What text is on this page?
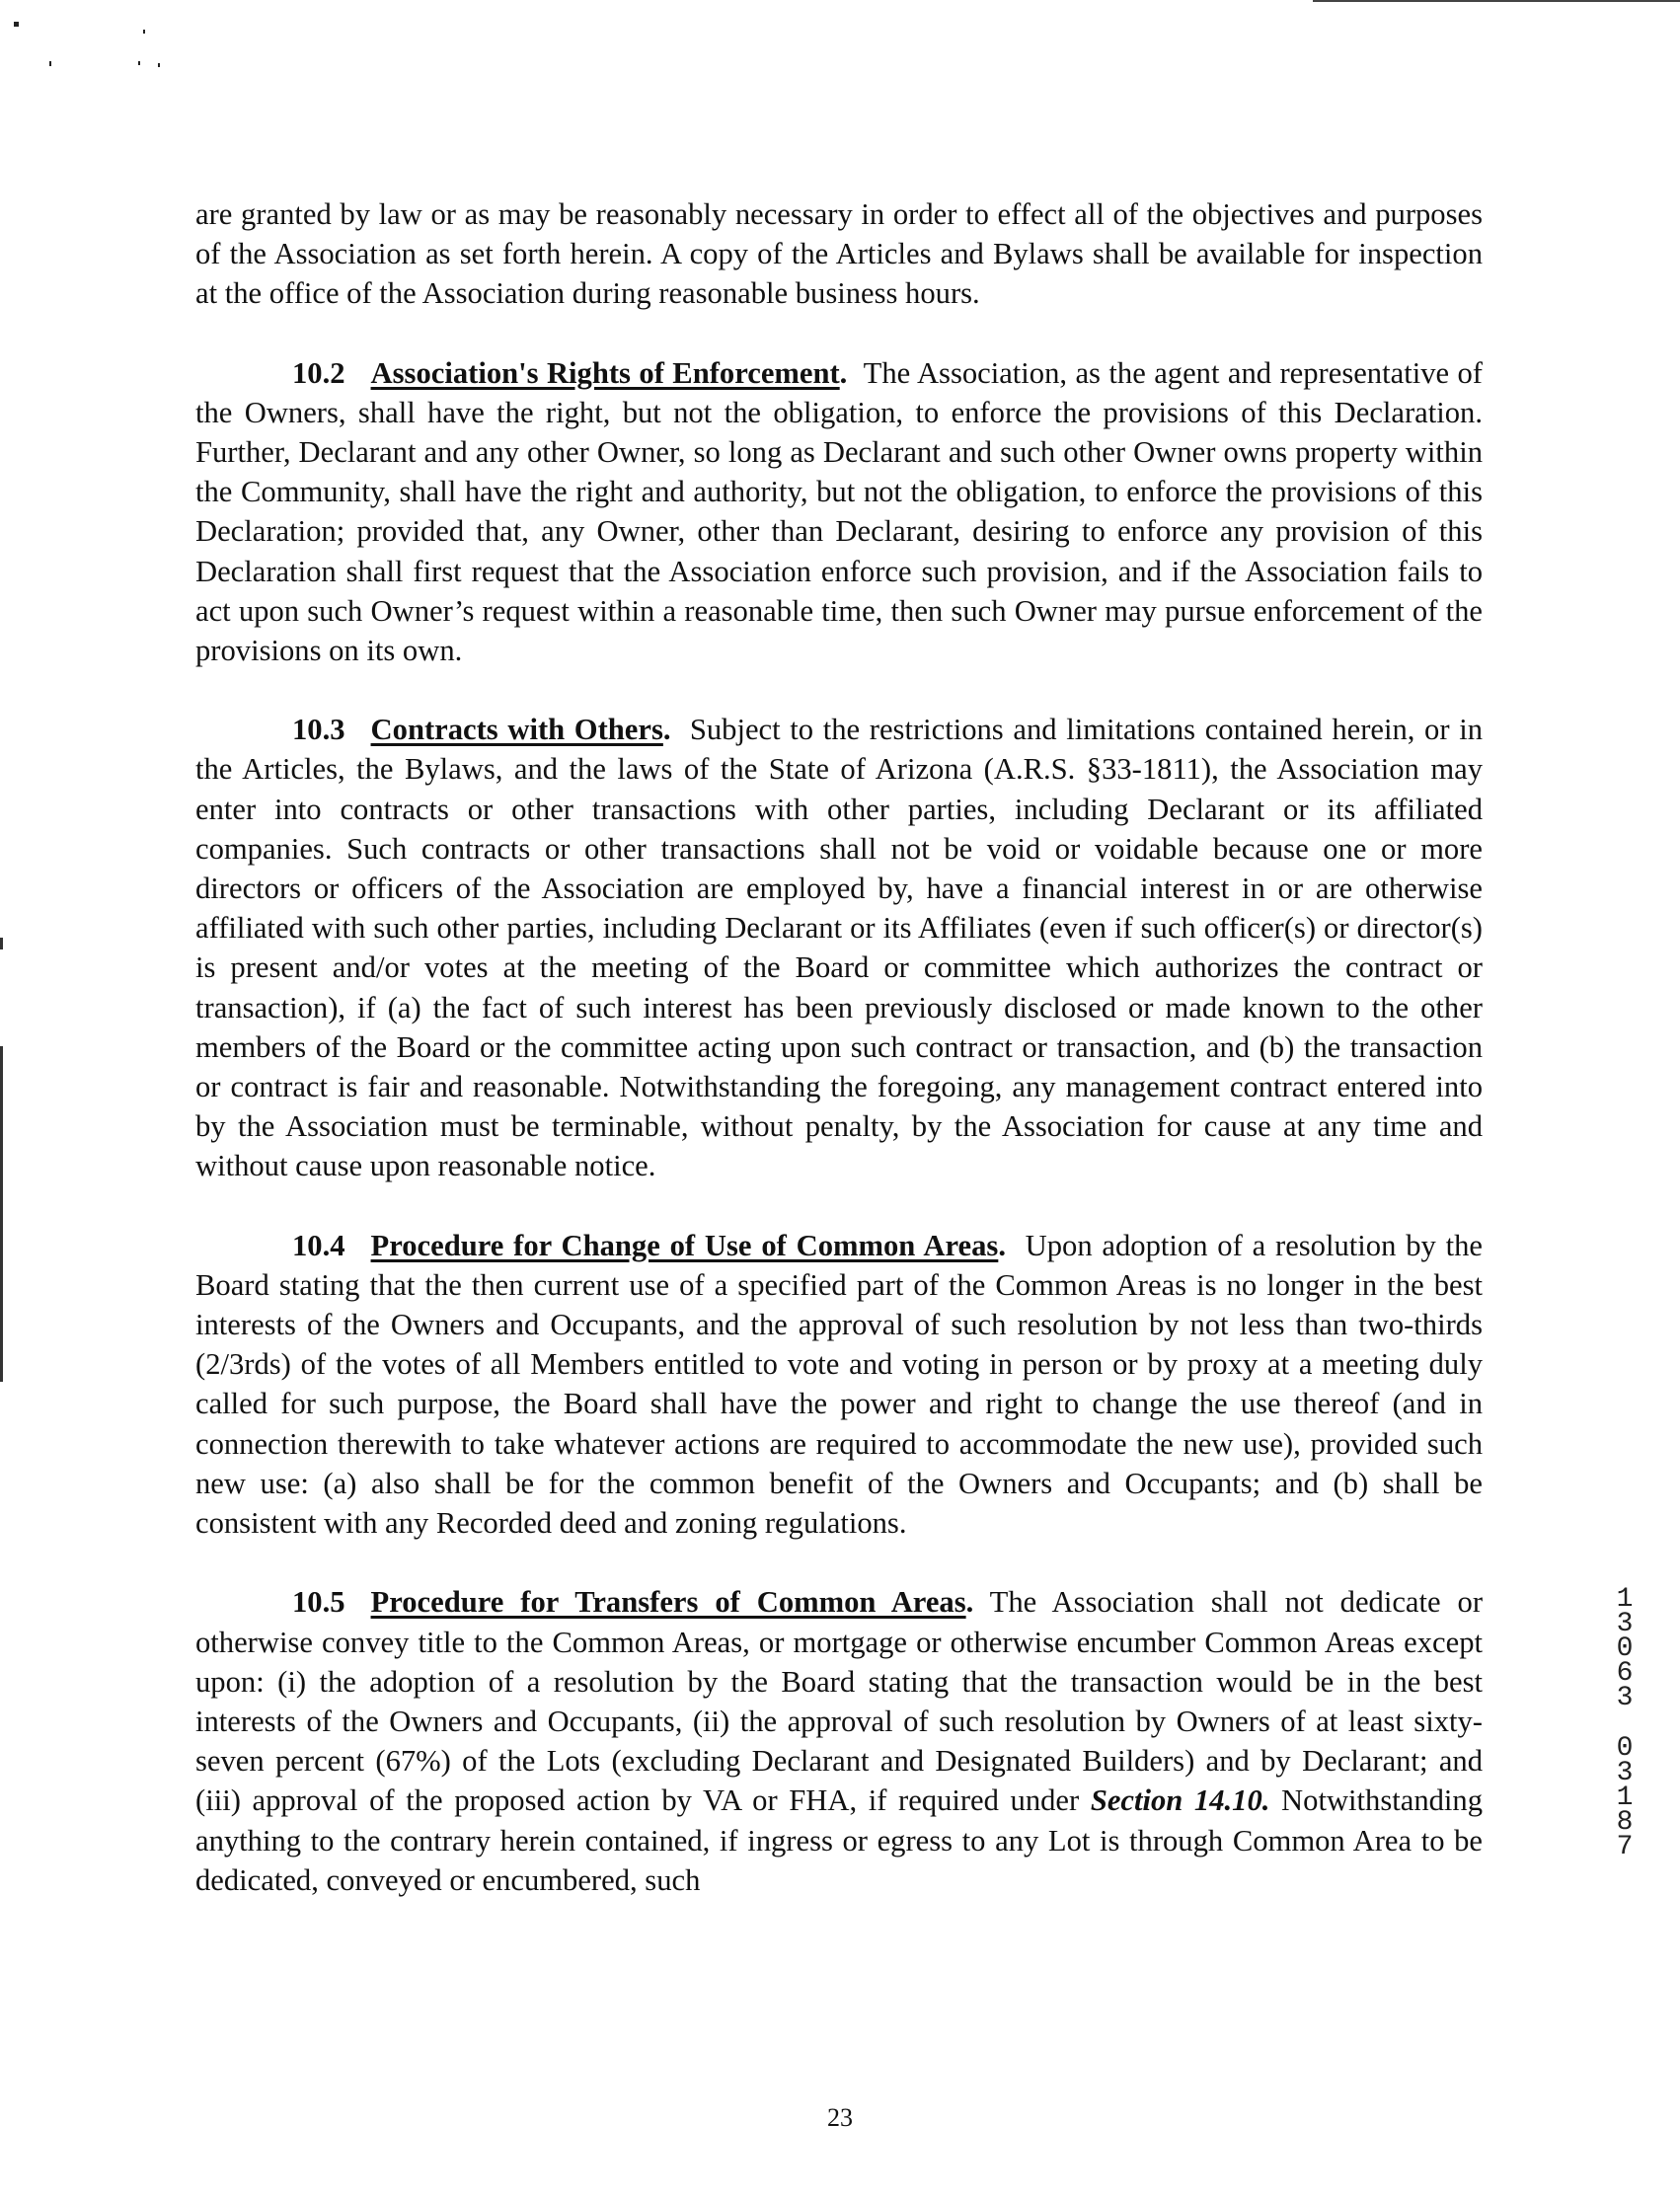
are granted by law or as may be reasonably necessary in order to effect all of the objectives and purposes of the Association as set forth herein. A copy of the Articles and Bylaws shall be available for inspection at the office of the Association during reasonable business hours.

10.2 Association's Rights of Enforcement. The Association, as the agent and representative of the Owners, shall have the right, but not the obligation, to enforce the provisions of this Declaration. Further, Declarant and any other Owner, so long as Declarant and such other Owner owns property within the Community, shall have the right and authority, but not the obligation, to enforce the provisions of this Declaration; provided that, any Owner, other than Declarant, desiring to enforce any provision of this Declaration shall first request that the Association enforce such provision, and if the Association fails to act upon such Owner’s request within a reasonable time, then such Owner may pursue enforcement of the provisions on its own.

10.3 Contracts with Others. Subject to the restrictions and limitations contained herein, or in the Articles, the Bylaws, and the laws of the State of Arizona (A.R.S. §33-1811), the Association may enter into contracts or other transactions with other parties, including Declarant or its affiliated companies. Such contracts or other transactions shall not be void or voidable because one or more directors or officers of the Association are employed by, have a financial interest in or are otherwise affiliated with such other parties, including Declarant or its Affiliates (even if such officer(s) or director(s) is present and/or votes at the meeting of the Board or committee which authorizes the contract or transaction), if (a) the fact of such interest has been previously disclosed or made known to the other members of the Board or the committee acting upon such contract or transaction, and (b) the transaction or contract is fair and reasonable. Notwithstanding the foregoing, any management contract entered into by the Association must be terminable, without penalty, by the Association for cause at any time and without cause upon reasonable notice.

10.4 Procedure for Change of Use of Common Areas. Upon adoption of a resolution by the Board stating that the then current use of a specified part of the Common Areas is no longer in the best interests of the Owners and Occupants, and the approval of such resolution by not less than two-thirds (2/3rds) of the votes of all Members entitled to vote and voting in person or by proxy at a meeting duly called for such purpose, the Board shall have the power and right to change the use thereof (and in connection therewith to take whatever actions are required to accommodate the new use), provided such new use: (a) also shall be for the common benefit of the Owners and Occupants; and (b) shall be consistent with any Recorded deed and zoning regulations.

10.5 Procedure for Transfers of Common Areas. The Association shall not dedicate or otherwise convey title to the Common Areas, or mortgage or otherwise encumber Common Areas except upon: (i) the adoption of a resolution by the Board stating that the transaction would be in the best interests of the Owners and Occupants, (ii) the approval of such resolution by Owners of at least sixty-seven percent (67%) of the Lots (excluding Declarant and Designated Builders) and by Declarant; and (iii) approval of the proposed action by VA or FHA, if required under Section 14.10. Notwithstanding anything to the contrary herein contained, if ingress or egress to any Lot is through Common Area to be dedicated, conveyed or encumbered, such

23
13063
03187
